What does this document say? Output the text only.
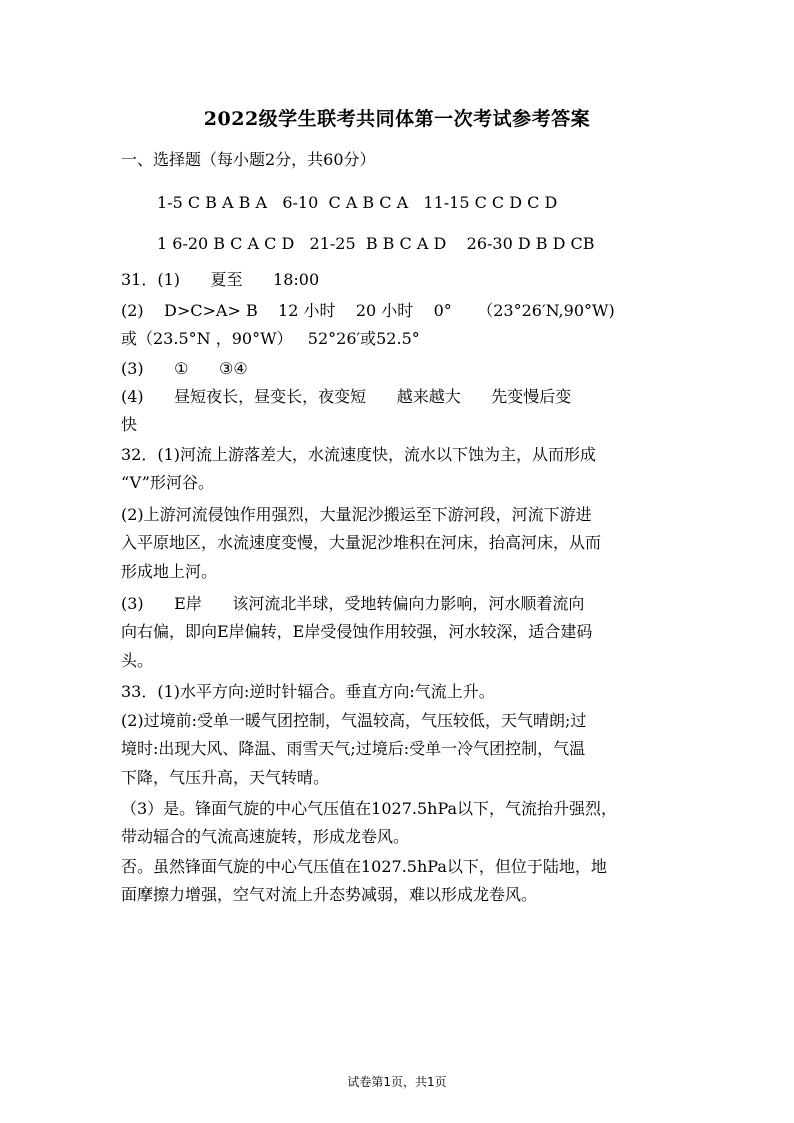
2022级学生联考共同体第一次考试参考答案
一、选择题（每小题2分，共60分）
1-5 C B A B A   6-10  C A B C A   11-15 C C D C D
1 6-20 B C A C D   21-25  B B C A D    26-30 D B D CB
31．(1)      夏至      18:00
(2)    D>C>A> B    12 小时    20 小时    0°     （23°26′N,90°W)
或（23.5°N ，90°W）   52°26′或52.5°
(3)      ①      ③④
(4)      昼短夜长，昼变长，夜变短      越来越大      先变慢后变
快
32．(1)河流上游落差大，水流速度快，流水以下蚀为主，从而形成
“V”形河谷。
(2)上游河流侵蚀作用强烈，大量泥沙搬运至下游河段，河流下游进
入平原地区，水流速度变慢，大量泥沙堆积在河床，抬高河床，从而
形成地上河。
(3)      E岸      该河流北半球，受地转偏向力影响，河水顺着流向
向右偏，即向E岸偏转，E岸受侵蚀作用较强，河水较深，适合建码
头。
33．(1)水平方向:逆时针辐合。垂直方向:气流上升。
(2)过境前:受单一暖气团控制，气温较高，气压较低，天气晴朗;过
境时:出现大风、降温、雨雪天气;过境后:受单一冷气团控制，气温
下降，气压升高，天气转晴。
（3）是。锋面气旋的中心气压值在1027.5hPa以下，气流抬升强烈，
带动辐合的气流高速旋转，形成龙卷风。
否。虽然锋面气旋的中心气压值在1027.5hPa以下，但位于陆地，地
面摩擦力增强，空气对流上升态势减弱，难以形成龙卷风。
试卷第1页，共1页
